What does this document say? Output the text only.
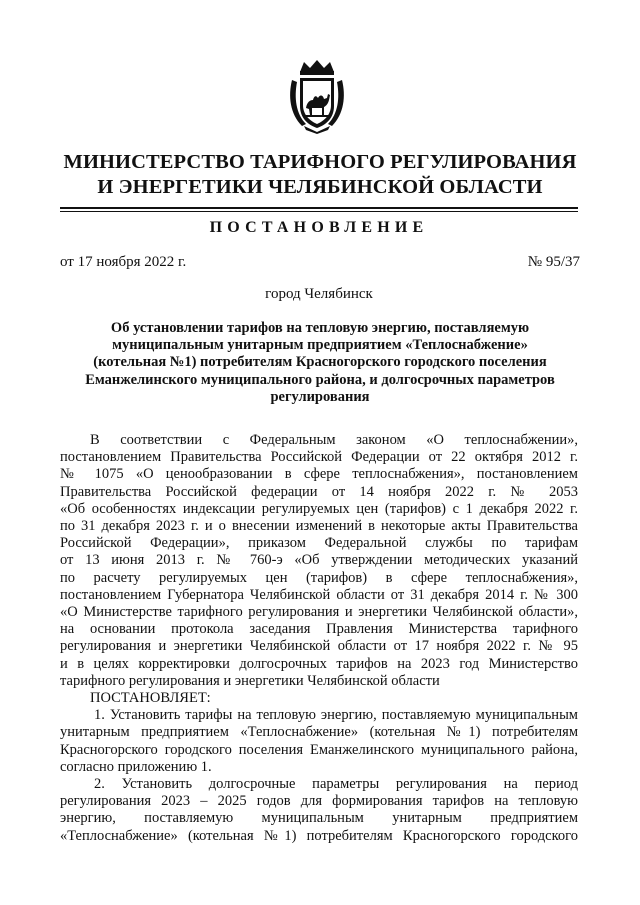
МИНИСТЕРСТВО ТАРИФНОГО РЕГУЛИРОВАНИЯ
И ЭНЕРГЕТИКИ ЧЕЛЯБИНСКОЙ ОБЛАСТИ
ПОСТАНОВЛЕНИЕ
от 17 ноября 2022 г.	№ 95/37
город Челябинск
Об установлении тарифов на тепловую энергию, поставляемую
муниципальным унитарным предприятием «Теплоснабжение»
(котельная №1) потребителям Красногорского городского поселения
Еманжелинского муниципального района, и долгосрочных параметров
регулирования
В соответствии с Федеральным законом «О теплоснабжении»,
постановлением Правительства Российской Федерации от 22 октября 2012 г.
№ 1075 «О ценообразовании в сфере теплоснабжения», постановлением
Правительства Российской федерации от 14 ноября 2022 г. № 2053
«Об особенностях индексации регулируемых цен (тарифов) с 1 декабря 2022 г.
по 31 декабря 2023 г. и о внесении изменений в некоторые акты Правительства
Российской Федерации», приказом Федеральной службы по тарифам
от 13 июня 2013 г. № 760-э «Об утверждении методических указаний
по расчету регулируемых цен (тарифов) в сфере теплоснабжения»,
постановлением Губернатора Челябинской области от 31 декабря 2014 г. № 300
«О Министерстве тарифного регулирования и энергетики Челябинской области»,
на основании протокола заседания Правления Министерства тарифного
регулирования и энергетики Челябинской области от 17 ноября 2022 г. № 95
и в целях корректировки долгосрочных тарифов на 2023 год Министерство
тарифного регулирования и энергетики Челябинской области
ПОСТАНОВЛЯЕТ:
1. Установить тарифы на тепловую энергию, поставляемую муниципальным
унитарным предприятием «Теплоснабжение» (котельная №1) потребителям
Красногорского городского поселения Еманжелинского муниципального района,
согласно приложению 1.
2. Установить долгосрочные параметры регулирования на период
регулирования 2023 – 2025 годов для формирования тарифов на тепловую
энергию, поставляемую муниципальным унитарным предприятием
«Теплоснабжение» (котельная №1) потребителям Красногорского городского
